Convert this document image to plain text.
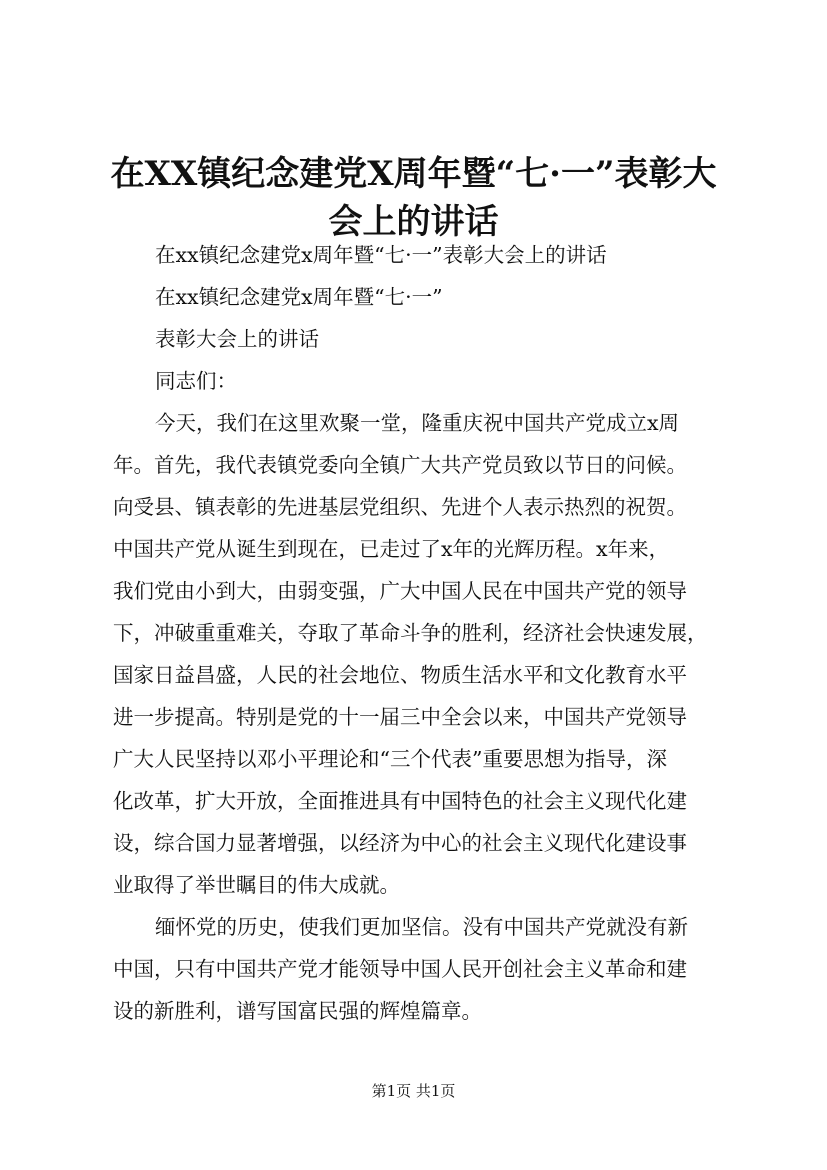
在XX镇纪念建党X周年暨“七·一”表彰大
会上的讲话
在xx镇纪念建党x周年暨“七·一”表彰大会上的讲话
在xx镇纪念建党x周年暨“七·一”
表彰大会上的讲话
同志们：
今天，我们在这里欢聚一堂，隆重庆祝中国共产党成立x周
年。首先，我代表镇党委向全镇广大共产党员致以节日的问候。
向受县、镇表彰的先进基层党组织、先进个人表示热烈的祝贺。
中国共产党从诞生到现在，已走过了x年的光辉历程。x年来，
我们党由小到大，由弱变强，广大中国人民在中国共产党的领导
下，冲破重重难关，夺取了革命斗争的胜利，经济社会快速发展，
国家日益昌盛，人民的社会地位、物质生活水平和文化教育水平
进一步提高。特别是党的十一届三中全会以来，中国共产党领导
广大人民坚持以邓小平理论和“三个代表”重要思想为指导，深
化改革，扩大开放，全面推进具有中国特色的社会主义现代化建
设，综合国力显著增强，以经济为中心的社会主义现代化建设事
业取得了举世瞩目的伟大成就。
缅怀党的历史，使我们更加坚信。没有中国共产党就没有新
中国，只有中国共产党才能领导中国人民开创社会主义革命和建
设的新胜利，谱写国富民强的辉煌篇章。
第1页 共1页
